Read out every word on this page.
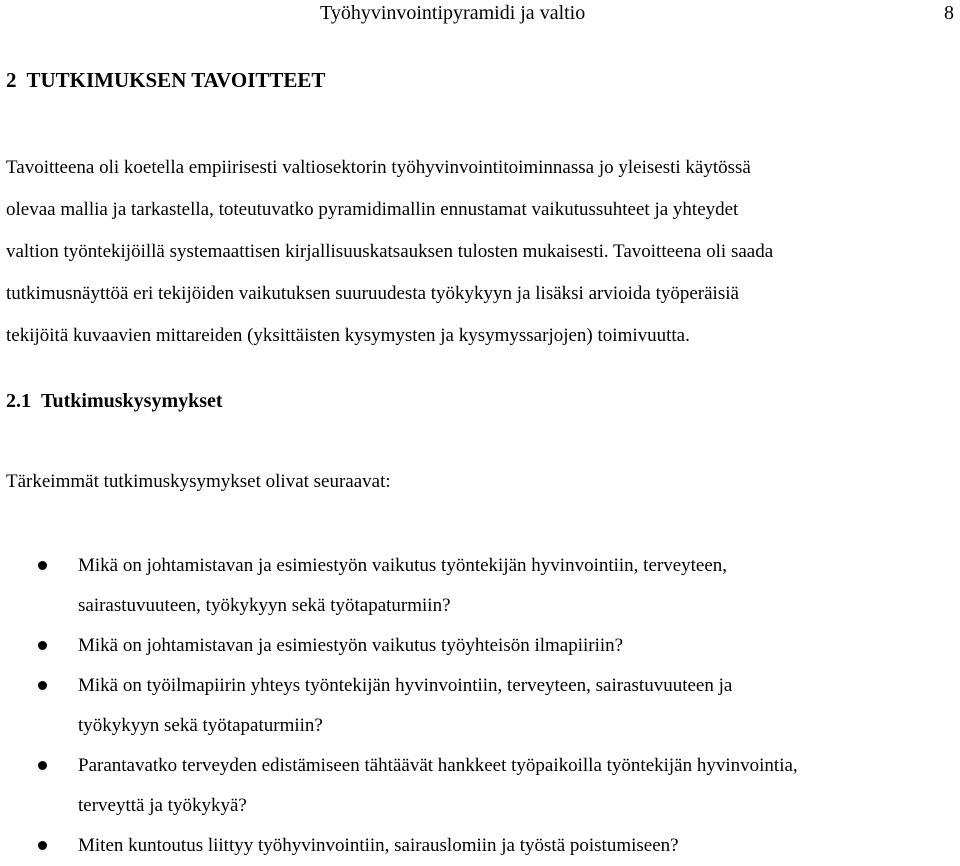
Työhyvinvointipyramidi ja valtio	8
2 TUTKIMUKSEN TAVOITTEET

Tavoitteena oli koetella empiirisesti valtiosektorin työhyvinvointitoiminnassa jo yleisesti käytössä
olevaa mallia ja tarkastella, toteutuvatko pyramidimallin ennustamat vaikutussuhteet ja yhteydet
valtion työntekijöillä systemaattisen kirjallisuuskatsauksen tulosten mukaisesti. Tavoitteena oli saada
tutkimusnäyttöä eri tekijöiden vaikutuksen suuruudesta työkykyyn ja lisäksi arvioida työperäisiä
tekijöitä kuvaavien mittareiden (yksittäisten kysymysten ja kysymyssarjojen) toimivuutta.

2.1 Tutkimuskysymykset

Tärkeimmät tutkimuskysymykset olivat seuraavat:

Mikä on johtamistavan ja esimiestyön vaikutus työntekijän hyvinvointiin, terveyteen,
sairastuvuuteen, työkykyyn sekä työtapaturmiin?
Mikä on johtamistavan ja esimiestyön vaikutus työyhteisön ilmapiiriin?
Mikä on työilmapiirin yhteys työntekijän hyvinvointiin, terveyteen, sairastuvuuteen ja
työkykyyn sekä työtapaturmiin?
Parantavatko terveyden edistämiseen tähtäävät hankkeet työpaikoilla työntekijän hyvinvointia,
terveyttä ja työkykyä?
Miten kuntoutus liittyy työhyvinvointiin, sairauslomiin ja työstä poistumiseen?
